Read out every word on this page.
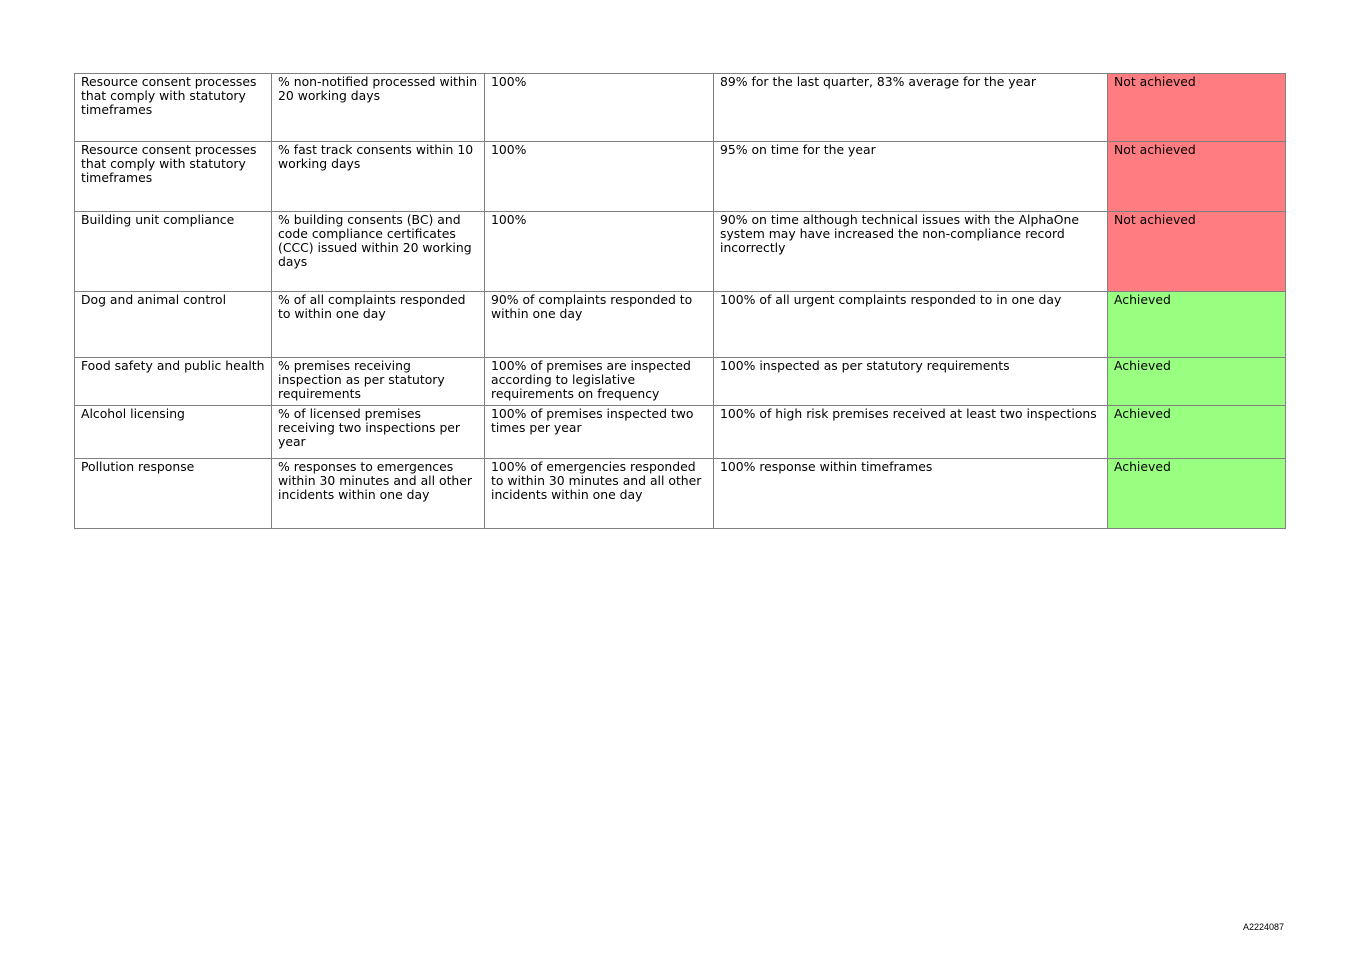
Resource consent processes that comply with statutory timeframes	% non-notified processed within 20 working days	100%	89% for the last quarter, 83% average for the year	Not achieved
Resource consent processes that comply with statutory timeframes	% fast track consents within 10 working days	100%	95% on time for the year	Not achieved
Building unit compliance	% building consents (BC) and code compliance certificates (CCC) issued within 20 working days	100%	90% on time although technical issues with the AlphaOne system may have increased the non-compliance record incorrectly	Not achieved
Dog and animal control	% of all complaints responded to within one day	90% of complaints responded to within one day	100% of all urgent complaints responded to in one day	Achieved
Food safety and public health	% premises receiving inspection as per statutory requirements	100% of premises are inspected according to legislative requirements on frequency	100% inspected as per statutory requirements	Achieved
Alcohol licensing	% of licensed premises receiving two inspections per year	100% of premises inspected two times per year	100% of high risk premises received at least two inspections	Achieved
Pollution response	% responses to emergences within 30 minutes and all other incidents within one day	100% of emergencies responded to within 30 minutes and all other incidents within one day	100% response within timeframes	Achieved
A2224087
